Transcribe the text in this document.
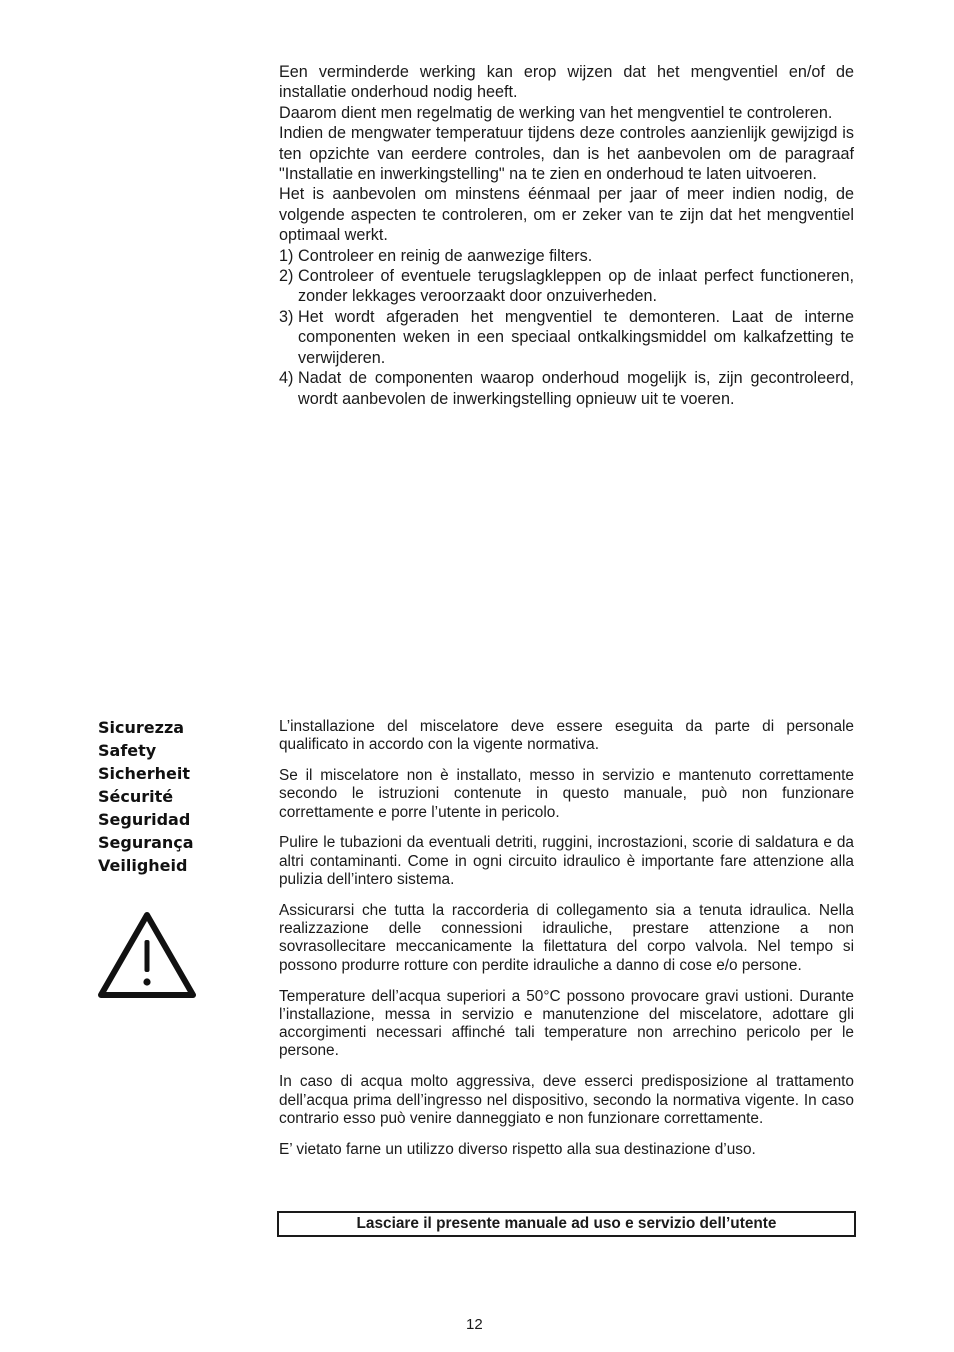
Een verminderde werking kan erop wijzen dat het mengventiel en/of de installatie onderhoud nodig heeft.

Daarom dient men regelmatig de werking van het mengventiel te controleren.

Indien de mengwater temperatuur tijdens deze controles aanzienlijk gewijzigd is ten opzichte van eerdere controles, dan is het aanbevolen om de paragraaf "Installatie en inwerkingstelling" na te zien en onderhoud te laten uitvoeren.

Het is aanbevolen om minstens éénmaal per jaar of meer indien nodig, de volgende aspecten te controleren, om er zeker van te zijn dat het mengventiel optimaal werkt.

1) Controleer en reinig de aanwezige filters.
2) Controleer of eventuele terugslagkleppen op de inlaat perfect functioneren, zonder lekkages veroorzaakt door onzuiverheden.
3) Het wordt afgeraden het mengventiel te demonteren. Laat de interne componenten weken in een speciaal ontkalkingsmiddel om kalkafzetting te verwijderen.
4) Nadat de componenten waarop onderhoud mogelijk is, zijn gecontroleerd, wordt aanbevolen de inwerkingstelling opnieuw uit te voeren.
Sicurezza
Safety
Sicherheit
Sécurité
Seguridad
Segurança
Veiligheid

L’installazione del miscelatore deve essere eseguita da parte di personale qualificato in accordo con la vigente normativa.

Se il miscelatore non è installato, messo in servizio e mantenuto correttamente secondo le istruzioni contenute in questo manuale, può non funzionare correttamente e porre l’utente in pericolo.

Pulire le tubazioni da eventuali detriti, ruggini, incrostazioni, scorie di saldatura e da altri contaminanti. Come in ogni circuito idraulico è importante fare attenzione alla pulizia dell’intero sistema.

Assicurarsi che tutta la raccorderia di collegamento sia a tenuta idraulica. Nella realizzazione delle connessioni idrauliche, prestare attenzione a non sovrasollecitare meccanicamente la filettatura del corpo valvola. Nel tempo si possono produrre rotture con perdite idrauliche a danno di cose e/o persone.

Temperature dell’acqua superiori a 50°C possono provocare gravi ustioni. Durante l’installazione, messa in servizio e manutenzione del miscelatore, adottare gli accorgimenti necessari affinché tali temperature non arrechino pericolo per le persone.

In caso di acqua molto aggressiva, deve esserci predisposizione al trattamento dell’acqua prima dell’ingresso nel dispositivo, secondo la normativa vigente. In caso contrario esso può venire danneggiato e non funzionare correttamente.

E’ vietato farne un utilizzo diverso rispetto alla sua destinazione d’uso.

Lasciare il presente manuale ad uso e servizio dell’utente
12
